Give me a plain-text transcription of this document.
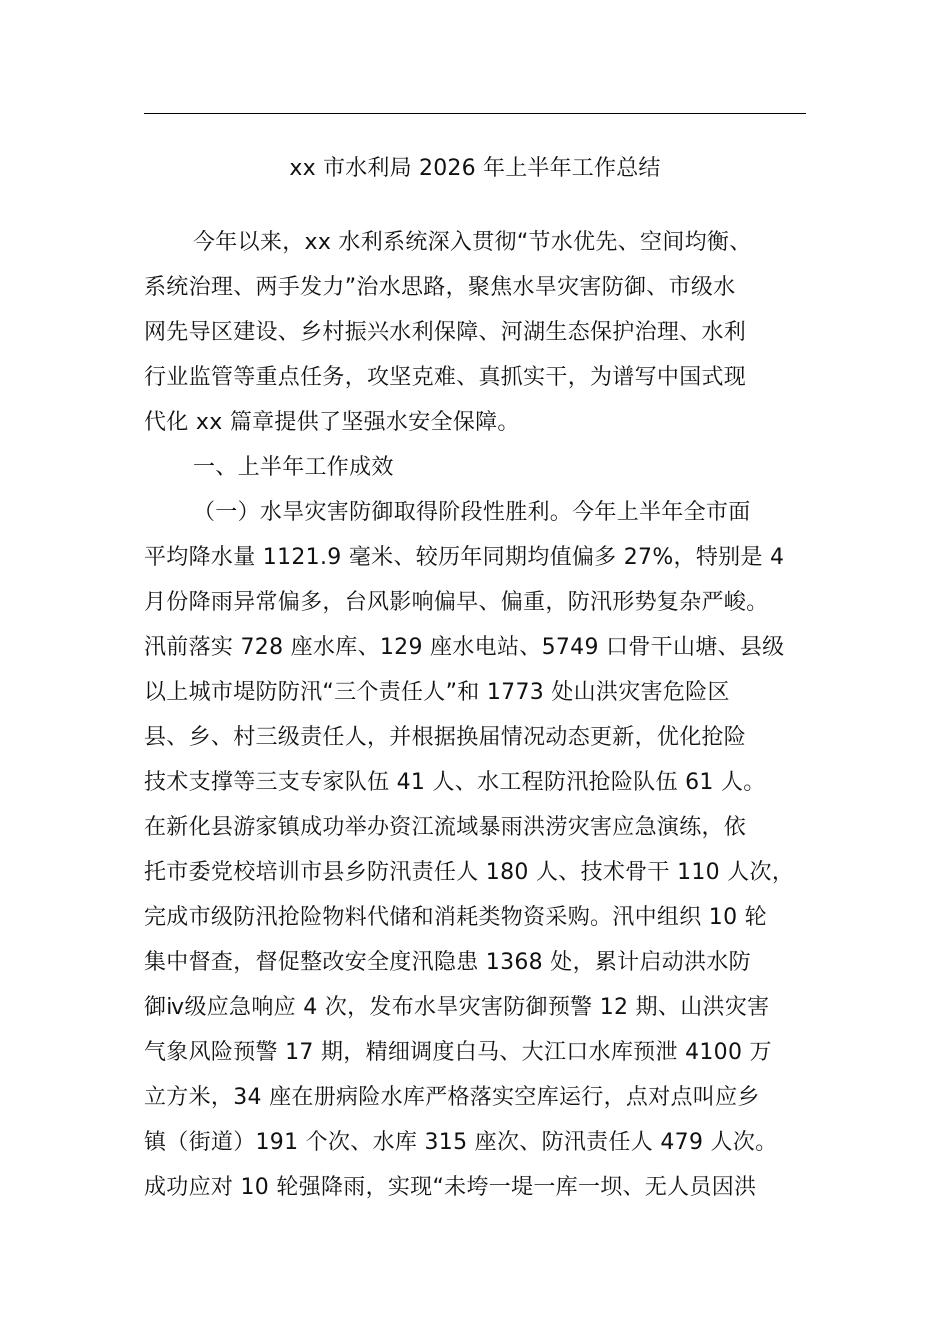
xx 市水利局 2026 年上半年工作总结
今年以来，xx 水利系统深入贯彻“节水优先、空间均衡、
系统治理、两手发力”治水思路，聚焦水旱灾害防御、市级水
网先导区建设、乡村振兴水利保障、河湖生态保护治理、水利
行业监管等重点任务，攻坚克难、真抓实干，为谱写中国式现
代化 xx 篇章提供了坚强水安全保障。
一、上半年工作成效
（一）水旱灾害防御取得阶段性胜利。今年上半年全市面
平均降水量 1121.9 毫米、较历年同期均值偏多 27%，特别是 4
月份降雨异常偏多，台风影响偏早、偏重，防汛形势复杂严峻。
汛前落实 728 座水库、129 座水电站、5749 口骨干山塘、县级
以上城市堤防防汛“三个责任人”和 1773 处山洪灾害危险区
县、乡、村三级责任人，并根据换届情况动态更新，优化抢险
技术支撑等三支专家队伍 41 人、水工程防汛抢险队伍 61 人。
在新化县游家镇成功举办资江流域暴雨洪涝灾害应急演练，依
托市委党校培训市县乡防汛责任人 180 人、技术骨干 110 人次，
完成市级防汛抢险物料代储和消耗类物资采购。汛中组织 10 轮
集中督查，督促整改安全度汛隐患 1368 处，累计启动洪水防
御ⅳ级应急响应 4 次，发布水旱灾害防御预警 12 期、山洪灾害
气象风险预警 17 期，精细调度白马、大江口水库预泄 4100 万
立方米，34 座在册病险水库严格落实空库运行，点对点叫应乡
镇（街道）191 个次、水库 315 座次、防汛责任人 479 人次。
成功应对 10 轮强降雨，实现“未垮一堤一库一坝、无人员因洪
